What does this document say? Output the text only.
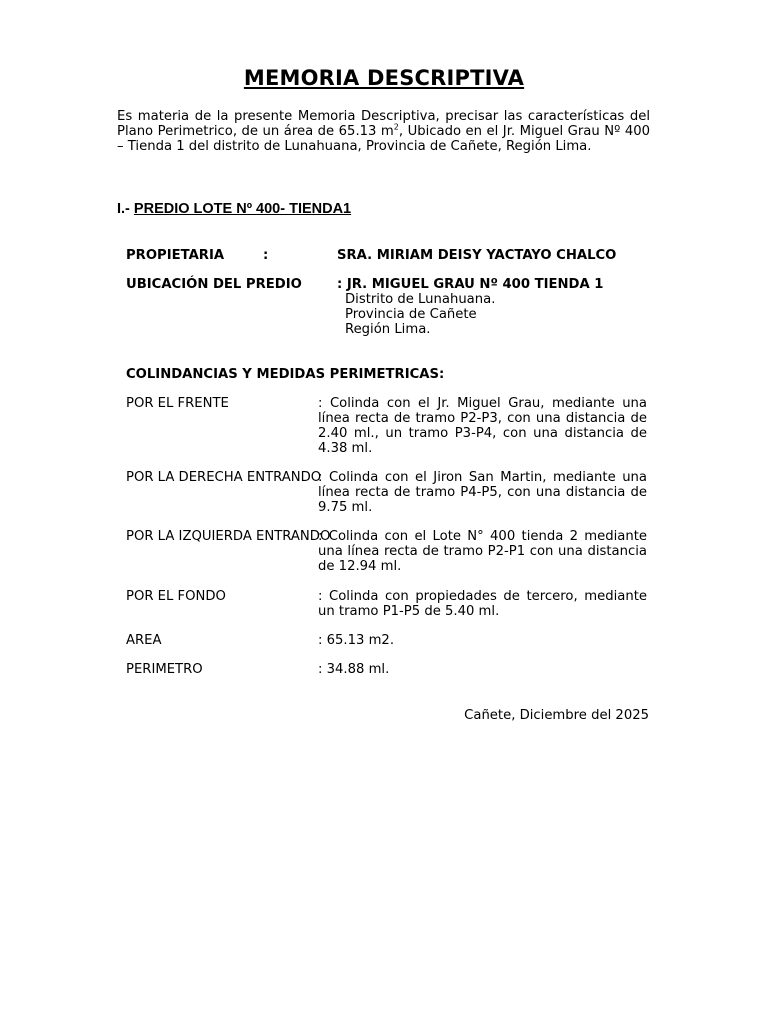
MEMORIA DESCRIPTIVA
Es materia de la presente Memoria Descriptiva, precisar las características del Plano Perimetrico, de un área de 65.13 $m^2$, Ubicado en el Jr. Miguel Grau Nº 400 – Tienda 1 del distrito de Lunahuana, Provincia de Cañete, Región Lima.
I.- PREDIO LOTE Nº 400- TIENDA1
PROPIETARIA	:	SRA. MIRIAM DEISY YACTAYO CHALCO
UBICACIÓN DEL PREDIO	: JR. MIGUEL GRAU Nº 400 TIENDA 1
Distrito de Lunahuana.
Provincia de Cañete
Región Lima.
COLINDANCIAS Y MEDIDAS PERIMETRICAS:
POR EL FRENTE	: Colinda con el Jr. Miguel Grau, mediante una línea recta de tramo P2-P3, con una distancia de 2.40 ml., un tramo P3-P4, con una distancia de 4.38 ml.
POR LA DERECHA ENTRANDO
: Colinda con el Jiron San Martin, mediante una línea recta de tramo P4-P5, con una distancia de 9.75 ml.
POR LA IZQUIERDA ENTRANDO
: Colinda con el Lote N° 400 tienda 2 mediante una línea recta de tramo P2-P1 con una distancia de 12.94 ml.
POR EL FONDO	: Colinda con propiedades de tercero, mediante un tramo P1-P5 de 5.40 ml.
AREA	: 65.13 m2.
PERIMETRO	: 34.88 ml.
Cañete, Diciembre del 2025
